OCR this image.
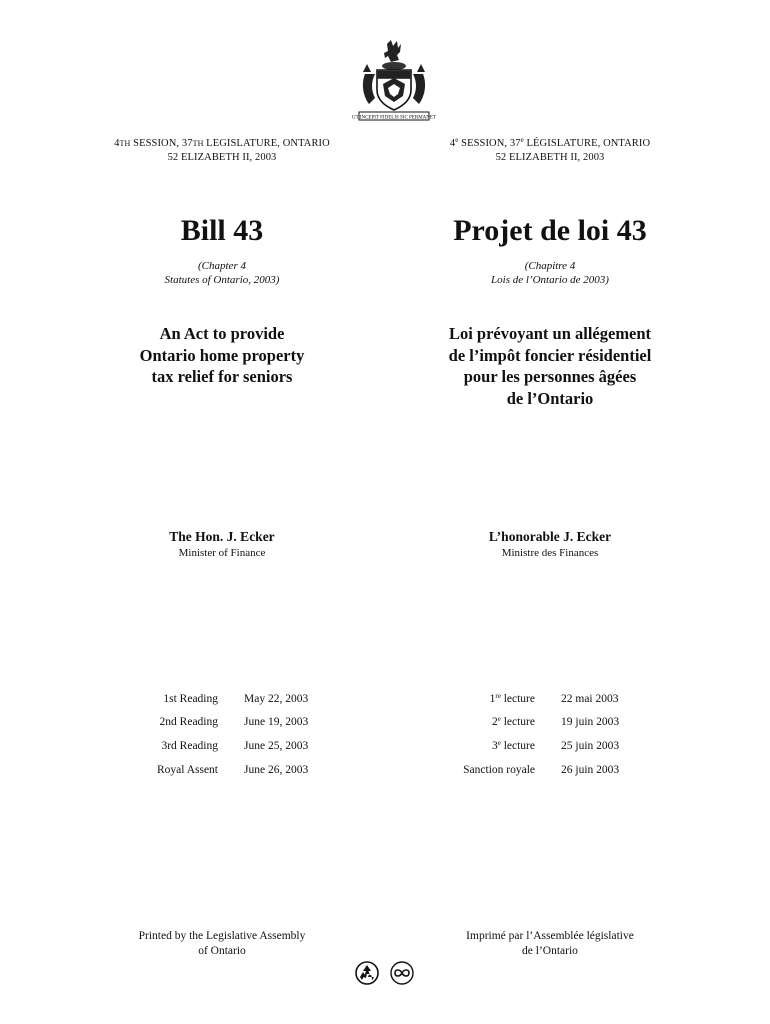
UT INCEPIT FIDELIS SIC PERMANET
4TH SESSION, 37TH LEGISLATURE, ONTARIO
52 ELIZABETH II, 2003
4e SESSION, 37e LÉGISLATURE, ONTARIO
52 ELIZABETH II, 2003
Bill 43	Projet de loi 43
(Chapter 4
Statutes of Ontario, 2003)
(Chapitre 4
Lois de l’Ontario de 2003)
An Act to provide
Ontario home property
tax relief for seniors
Loi prévoyant un allégement
de l’impôt foncier résidentiel
pour les personnes âgées
de l’Ontario
The Hon. J. Ecker
Minister of Finance
L’honorable J. Ecker
Ministre des Finances
1st Reading May 22, 2003
2nd Reading June 19, 2003
3rd Reading June 25, 2003
Royal Assent June 26, 2003
1re lecture 22 mai 2003
2e lecture 19 juin 2003
3e lecture 25 juin 2003
Sanction royale 26 juin 2003
Printed by the Legislative Assembly
of Ontario
Imprimé par l’Assemblée législative
de l’Ontario
